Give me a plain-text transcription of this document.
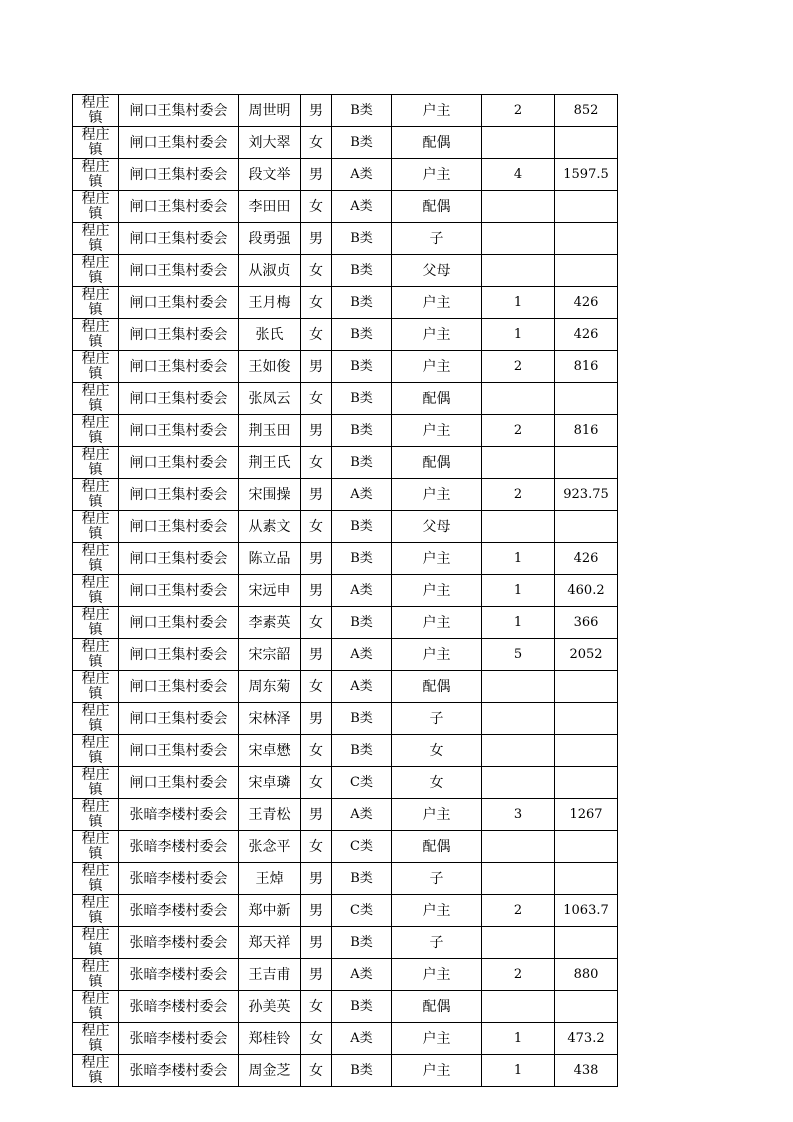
程庄镇	闸口王集村委会	周世明	男	B类	户主	2	852

程庄镇	闸口王集村委会	刘大翠	女	B类	配偶		

程庄镇	闸口王集村委会	段文举	男	A类	户主	4	1597.5

程庄镇	闸口王集村委会	李田田	女	A类	配偶		

程庄镇	闸口王集村委会	段勇强	男	B类	子		

程庄镇	闸口王集村委会	从淑贞	女	B类	父母		

程庄镇	闸口王集村委会	王月梅	女	B类	户主	1	426

程庄镇	闸口王集村委会	张氏	女	B类	户主	1	426

程庄镇	闸口王集村委会	王如俊	男	B类	户主	2	816

程庄镇	闸口王集村委会	张凤云	女	B类	配偶		

程庄镇	闸口王集村委会	荆玉田	男	B类	户主	2	816

程庄镇	闸口王集村委会	荆王氏	女	B类	配偶		

程庄镇	闸口王集村委会	宋围操	男	A类	户主	2	923.75

程庄镇	闸口王集村委会	从素文	女	B类	父母		

程庄镇	闸口王集村委会	陈立品	男	B类	户主	1	426

程庄镇	闸口王集村委会	宋远申	男	A类	户主	1	460.2

程庄镇	闸口王集村委会	李素英	女	B类	户主	1	366

程庄镇	闸口王集村委会	宋宗韶	男	A类	户主	5	2052

程庄镇	闸口王集村委会	周东菊	女	A类	配偶		

程庄镇	闸口王集村委会	宋林泽	男	B类	子		

程庄镇	闸口王集村委会	宋卓懋	女	B类	女		

程庄镇	闸口王集村委会	宋卓璘	女	C类	女		

程庄镇	张暗李楼村委会	王青松	男	A类	户主	3	1267

程庄镇	张暗李楼村委会	张念平	女	C类	配偶		

程庄镇	张暗李楼村委会	王焯	男	B类	子		

程庄镇	张暗李楼村委会	郑中新	男	C类	户主	2	1063.7

程庄镇	张暗李楼村委会	郑天祥	男	B类	子		

程庄镇	张暗李楼村委会	王吉甫	男	A类	户主	2	880

程庄镇	张暗李楼村委会	孙美英	女	B类	配偶		

程庄镇	张暗李楼村委会	郑桂铃	女	A类	户主	1	473.2

程庄镇	张暗李楼村委会	周金芝	女	B类	户主	1	438
